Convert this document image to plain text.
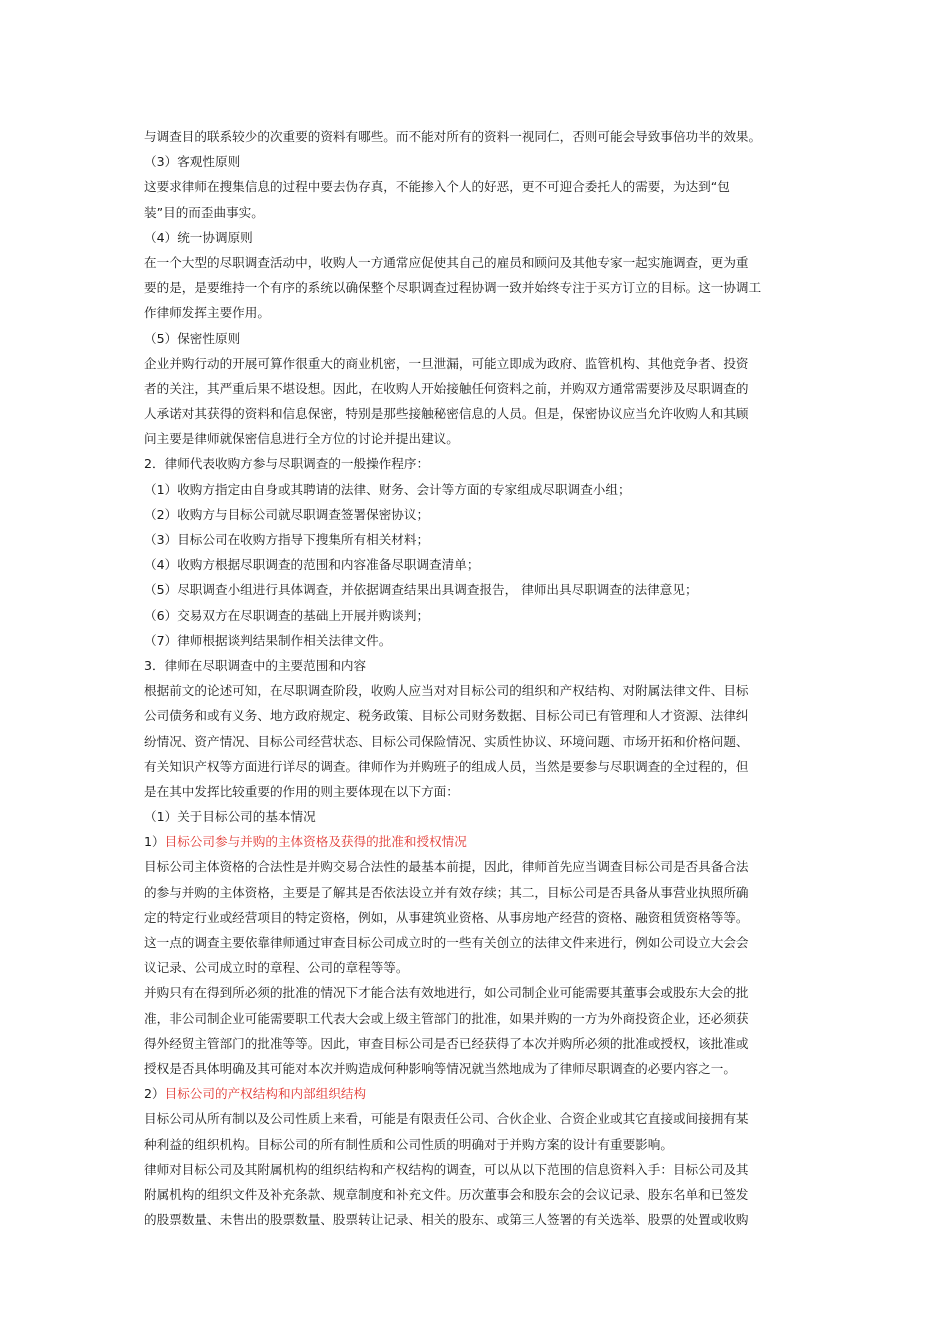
与调查目的联系较少的次重要的资料有哪些。而不能对所有的资料一视同仁，否则可能会导致事倍功半的效果。
（3）客观性原则
这要求律师在搜集信息的过程中要去伪存真，不能掺入个人的好恶，更不可迎合委托人的需要，为达到“包
装”目的而歪曲事实。
（4）统一协调原则
在一个大型的尽职调查活动中，收购人一方通常应促使其自己的雇员和顾问及其他专家一起实施调查，更为重
要的是，是要维持一个有序的系统以确保整个尽职调查过程协调一致并始终专注于买方订立的目标。这一协调工
作律师发挥主要作用。
（5）保密性原则
企业并购行动的开展可算作很重大的商业机密，一旦泄漏，可能立即成为政府、监管机构、其他竞争者、投资
者的关注，其严重后果不堪设想。因此，在收购人开始接触任何资料之前，并购双方通常需要涉及尽职调查的
人承诺对其获得的资料和信息保密，特别是那些接触秘密信息的人员。但是，保密协议应当允许收购人和其顾
问主要是律师就保密信息进行全方位的讨论并提出建议。
2．律师代表收购方参与尽职调查的一般操作程序：
（1）收购方指定由自身或其聘请的法律、财务、会计等方面的专家组成尽职调查小组；
（2）收购方与目标公司就尽职调查签署保密协议；
（3）目标公司在收购方指导下搜集所有相关材料；
（4）收购方根据尽职调查的范围和内容准备尽职调查清单；
（5）尽职调查小组进行具体调查，并依据调查结果出具调查报告， 律师出具尽职调查的法律意见；
（6）交易双方在尽职调查的基础上开展并购谈判；
（7）律师根据谈判结果制作相关法律文件。
3．律师在尽职调查中的主要范围和内容
根据前文的论述可知，在尽职调查阶段，收购人应当对对目标公司的组织和产权结构、对附属法律文件、目标
公司债务和或有义务、地方政府规定、税务政策、目标公司财务数据、目标公司已有管理和人才资源、法律纠
纷情况、资产情况、目标公司经营状态、目标公司保险情况、实质性协议、环境问题、市场开拓和价格问题、
有关知识产权等方面进行详尽的调查。律师作为并购班子的组成人员，当然是要参与尽职调查的全过程的，但
是在其中发挥比较重要的作用的则主要体现在以下方面：
（1）关于目标公司的基本情况
1）目标公司参与并购的主体资格及获得的批准和授权情况
目标公司主体资格的合法性是并购交易合法性的最基本前提，因此，律师首先应当调查目标公司是否具备合法
的参与并购的主体资格，主要是了解其是否依法设立并有效存续；其二，目标公司是否具备从事营业执照所确
定的特定行业或经营项目的特定资格，例如，从事建筑业资格、从事房地产经营的资格、融资租赁资格等等。
这一点的调查主要依靠律师通过审查目标公司成立时的一些有关创立的法律文件来进行，例如公司设立大会会
议记录、公司成立时的章程、公司的章程等等。
并购只有在得到所必须的批准的情况下才能合法有效地进行，如公司制企业可能需要其董事会或股东大会的批
准，非公司制企业可能需要职工代表大会或上级主管部门的批准，如果并购的一方为外商投资企业，还必须获
得外经贸主管部门的批准等等。因此，审查目标公司是否已经获得了本次并购所必须的批准或授权，该批准或
授权是否具体明确及其可能对本次并购造成何种影响等情况就当然地成为了律师尽职调查的必要内容之一。
2）目标公司的产权结构和内部组织结构
目标公司从所有制以及公司性质上来看，可能是有限责任公司、合伙企业、合资企业或其它直接或间接拥有某
种利益的组织机构。目标公司的所有制性质和公司性质的明确对于并购方案的设计有重要影响。
律师对目标公司及其附属机构的组织结构和产权结构的调查，可以从以下范围的信息资料入手：目标公司及其
附属机构的组织文件及补充条款、规章制度和补充文件。历次董事会和股东会的会议记录、股东名单和已签发
的股票数量、未售出的股票数量、股票转让记录、相关的股东、或第三人签署的有关选举、股票的处置或收购
